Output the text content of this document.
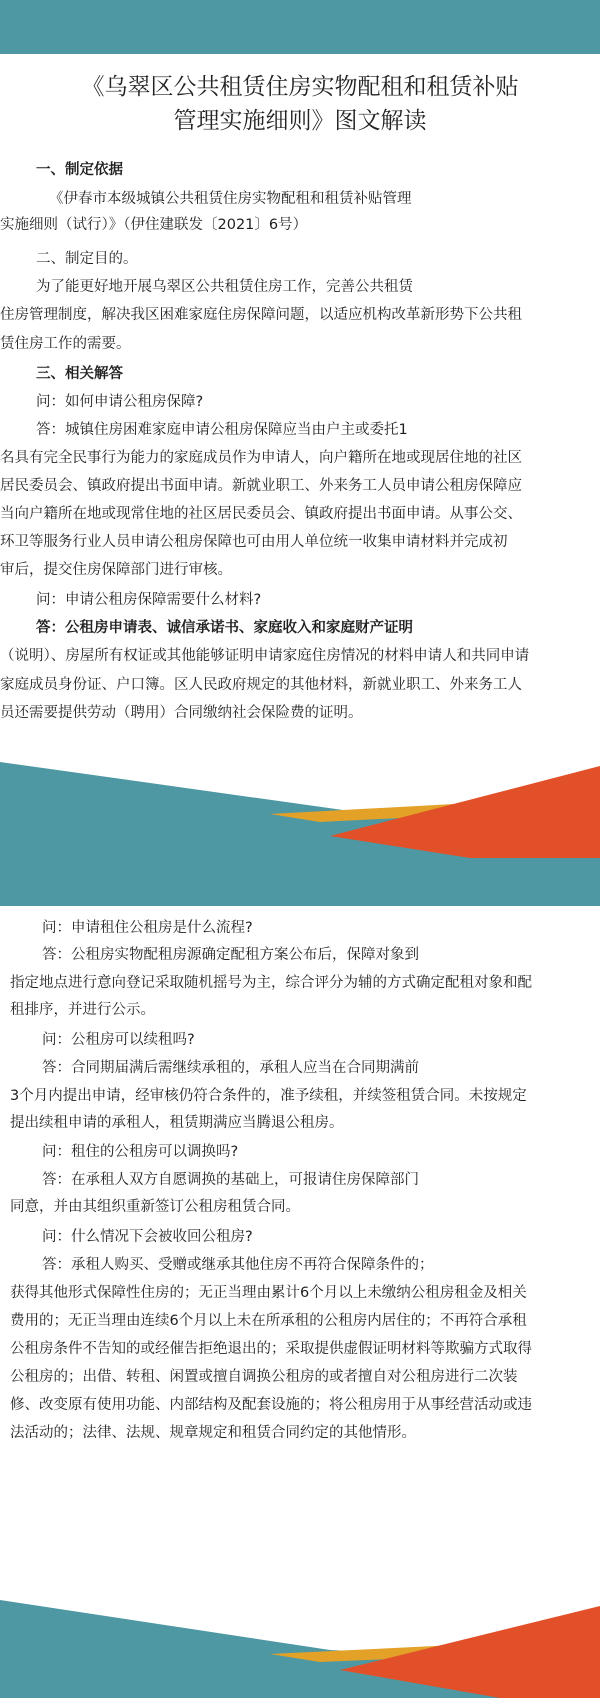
《乌翠区公共租赁住房实物配租和租赁补贴
管理实施细则》图文解读
一、制定依据
《伊春市本级城镇公共租赁住房实物配租和租赁补贴管理
实施细则（试行）》（伊住建联发〔2021〕6号）
二、制定目的。
为了能更好地开展乌翠区公共租赁住房工作，完善公共租赁
住房管理制度，解决我区困难家庭住房保障问题，以适应机构改革新形势下公共租
赁住房工作的需要。
三、相关解答
问：如何申请公租房保障?
答：城镇住房困难家庭申请公租房保障应当由户主或委托1
名具有完全民事行为能力的家庭成员作为申请人，向户籍所在地或现居住地的社区
居民委员会、镇政府提出书面申请。新就业职工、外来务工人员申请公租房保障应
当向户籍所在地或现常住地的社区居民委员会、镇政府提出书面申请。从事公交、
环卫等服务行业人员申请公租房保障也可由用人单位统一收集申请材料并完成初
审后，提交住房保障部门进行审核。
问：申请公租房保障需要什么材料?
答：公租房申请表、诚信承诺书、家庭收入和家庭财产证明
（说明）、房屋所有权证或其他能够证明申请家庭住房情况的材料申请人和共同申请
家庭成员身份证、户口簿。区人民政府规定的其他材料，新就业职工、外来务工人
员还需要提供劳动（聘用）合同缴纳社会保险费的证明。
问：申请租住公租房是什么流程?
答：公租房实物配租房源确定配租方案公布后，保障对象到
指定地点进行意向登记采取随机摇号为主，综合评分为辅的方式确定配租对象和配
租排序，并进行公示。
问：公租房可以续租吗?
答：合同期届满后需继续承租的，承租人应当在合同期满前
3个月内提出申请，经审核仍符合条件的，准予续租，并续签租赁合同。未按规定
提出续租申请的承租人，租赁期满应当腾退公租房。
问：租住的公租房可以调换吗?
答：在承租人双方自愿调换的基础上，可报请住房保障部门
同意，并由其组织重新签订公租房租赁合同。
问：什么情况下会被收回公租房?
答：承租人购买、受赠或继承其他住房不再符合保障条件的；
获得其他形式保障性住房的；无正当理由累计6个月以上未缴纳公租房租金及相关
费用的；无正当理由连续6个月以上未在所承租的公租房内居住的；不再符合承租
公租房条件不告知的或经催告拒绝退出的；采取提供虚假证明材料等欺骗方式取得
公租房的；出借、转租、闲置或擅自调换公租房的或者擅自对公租房进行二次装
修、改变原有使用功能、内部结构及配套设施的；将公租房用于从事经营活动或违
法活动的；法律、法规、规章规定和租赁合同约定的其他情形。
